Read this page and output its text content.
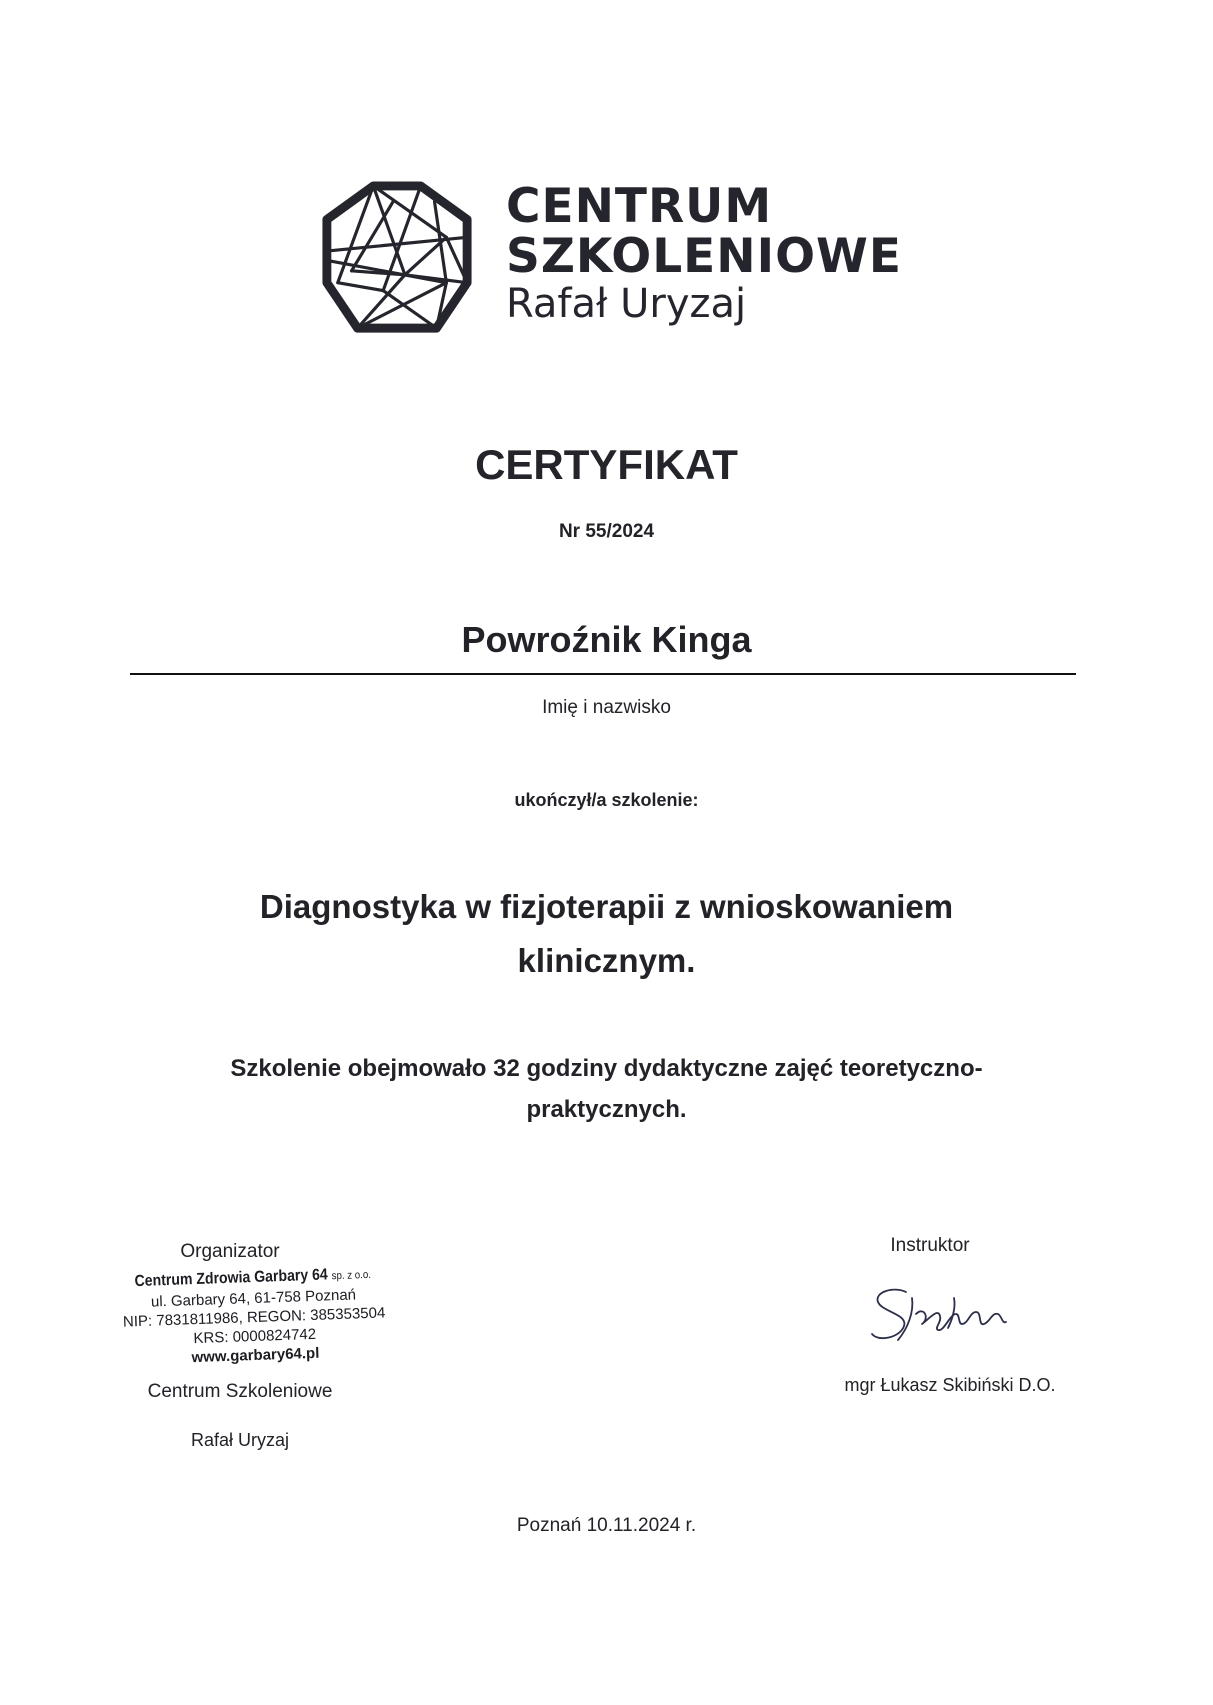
CENTRUM
SZKOLENIOWE
Rafał Uryzaj
CERTYFIKAT
Nr 55/2024
Powroźnik Kinga
Imię i nazwisko
ukończył/a szkolenie:
Diagnostyka w fizjoterapii z wnioskowaniem
klinicznym.
Szkolenie obejmowało 32 godziny dydaktyczne zajęć teoretyczno-
praktycznych.
Organizator
Centrum Zdrowia Garbary 64 sp. z o.o.
ul. Garbary 64, 61-758 Poznań
NIP: 7831811986, REGON: 385353504
KRS: 0000824742
www.garbary64.pl
Centrum Szkoleniowe
Rafał Uryzaj
Instruktor
mgr Łukasz Skibiński D.O.
Poznań 10.11.2024 r.
